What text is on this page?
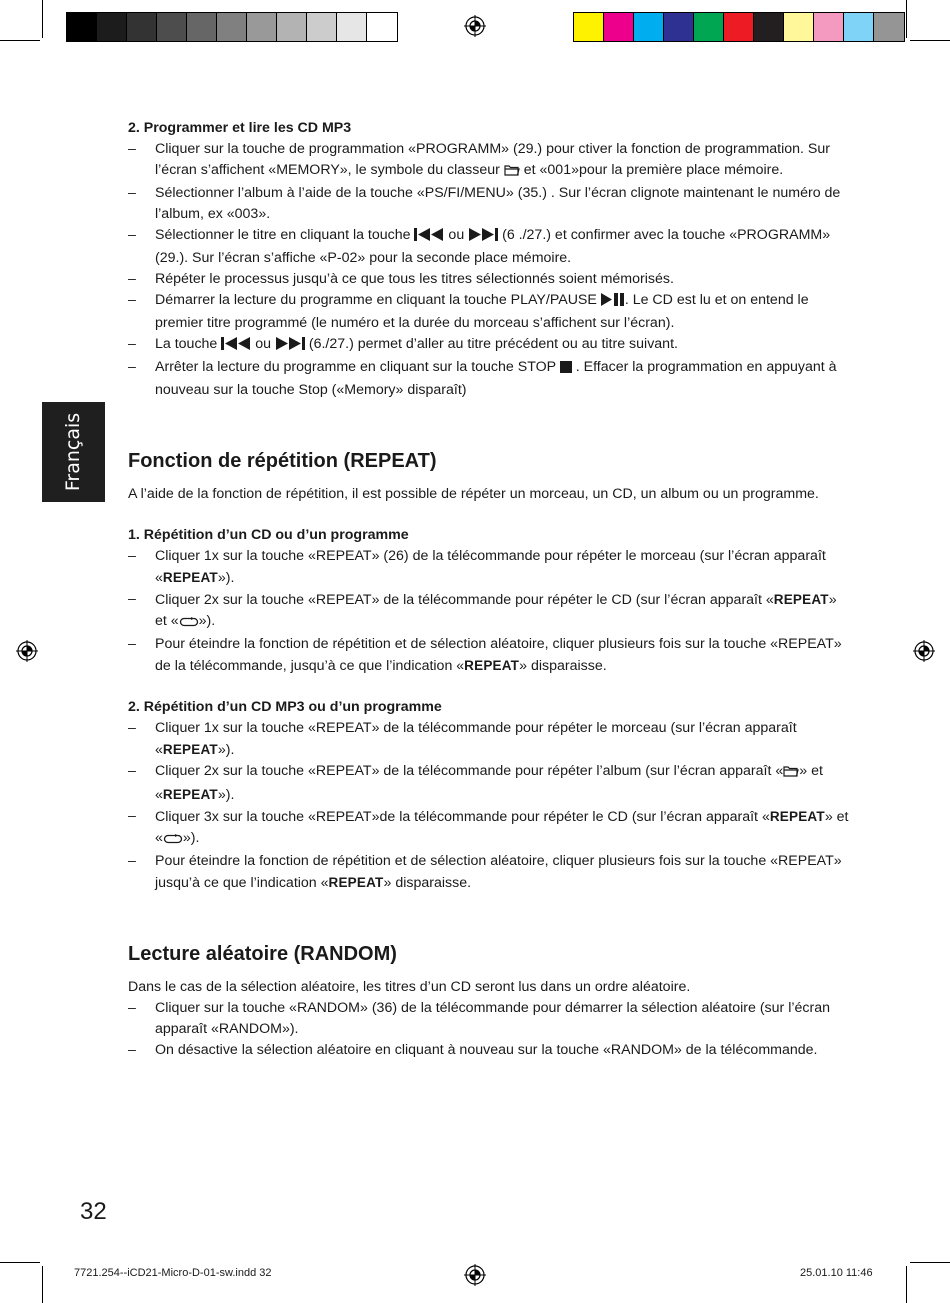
Français

2. Programmer et lire les CD MP3

– Cliquer sur la touche de programmation «PROGRAMM» (29.) pour ctiver la fonction de programmation. Sur l’écran s’affichent «MEMORY», le symbole du classeur  et «001»pour la première place mémoire.
– Sélectionner l’album à l’aide de la touche «PS/FI/MENU» (35.) . Sur l’écran clignote maintenant le numéro de l’album, ex «003».
– Sélectionner le titre en cliquant la touche  ou  (6 ./27.) et confirmer avec la touche «PROGRAMM» (29.). Sur l’écran s’affiche «P-02» pour la seconde place mémoire.
– Répéter le processus jusqu’à ce que tous les titres sélectionnés soient mémorisés.
– Démarrer la lecture du programme en cliquant la touche PLAY/PAUSE . Le CD est lu et on entend le premier titre programmé (le numéro et la durée du morceau s’affichent sur l’écran).
– La touche  ou  (6./27.) permet d’aller au titre précédent ou au titre suivant.
– Arrêter la lecture du programme en cliquant sur la touche STOP  . Effacer la programmation en appuyant à nouveau sur la touche Stop («Memory» disparaît)
Fonction de répétition (REPEAT)

A l’aide de la fonction de répétition, il est possible de répéter un morceau, un CD, un album ou un programme.

1. Répétition d’un CD ou d’un programme

– Cliquer 1x sur la touche «REPEAT» (26) de la télécommande pour répéter le morceau (sur l’écran apparaît «REPEAT»).
– Cliquer 2x sur la touche «REPEAT» de la télécommande pour répéter le CD (sur l’écran apparaît «REPEAT» et « »).
– Pour éteindre la fonction de répétition et de sélection aléatoire, cliquer plusieurs fois sur la touche «REPEAT» de la télécommande, jusqu’à ce que l’indication «REPEAT» disparaisse.

2. Répétition d’un CD MP3 ou d’un programme

– Cliquer 1x sur la touche «REPEAT» de la télécommande pour répéter le morceau (sur l’écran apparaît «REPEAT»).
– Cliquer 2x sur la touche «REPEAT» de la télécommande pour répéter l’album (sur l’écran apparaît « » et «REPEAT»).
– Cliquer 3x sur la touche «REPEAT»de la télécommande pour répéter le CD (sur l’écran apparaît «REPEAT» et « »).
– Pour éteindre la fonction de répétition et de sélection aléatoire, cliquer plusieurs fois sur la touche «REPEAT» jusqu’à ce que l’indication «REPEAT» disparaisse.
Lecture aléatoire (RANDOM)

Dans le cas de la sélection aléatoire, les titres d’un CD seront lus dans un ordre aléatoire.

– Cliquer sur la touche «RANDOM» (36) de la télécommande pour démarrer la sélection aléatoire (sur l’écran apparaît «RANDOM»).
– On désactive la sélection aléatoire en cliquant à nouveau sur la touche «RANDOM» de la télécommande.
32
7721.254--iCD21-Micro-D-01-sw.indd 32	25.01.10 11:46
